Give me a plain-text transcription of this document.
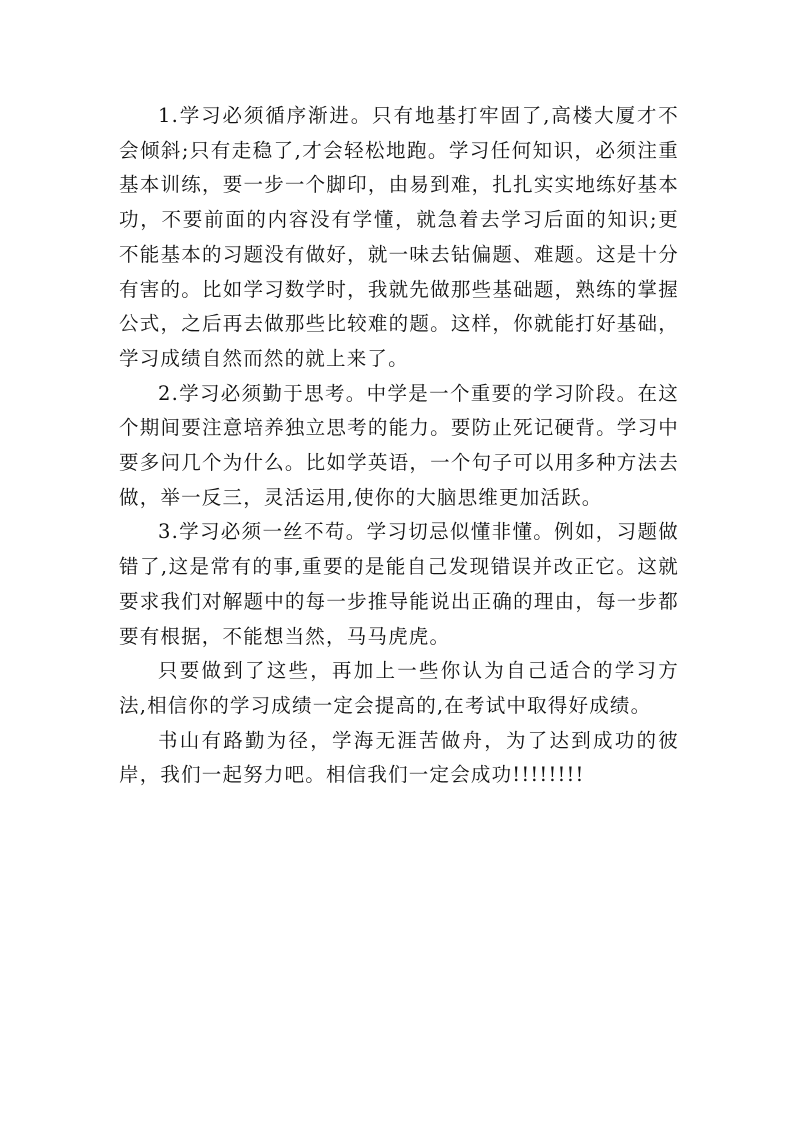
1.学习必须循序渐进。只有地基打牢固了,高楼大厦才不会倾斜;只有走稳了,才会轻松地跑。学习任何知识，必须注重基本训练，要一步一个脚印，由易到难，扎扎实实地练好基本功，不要前面的内容没有学懂，就急着去学习后面的知识;更不能基本的习题没有做好，就一味去钻偏题、难题。这是十分有害的。比如学习数学时，我就先做那些基础题，熟练的掌握公式，之后再去做那些比较难的题。这样，你就能打好基础，学习成绩自然而然的就上来了。

2.学习必须勤于思考。中学是一个重要的学习阶段。在这个期间要注意培养独立思考的能力。要防止死记硬背。学习中要多问几个为什么。比如学英语，一个句子可以用多种方法去做，举一反三，灵活运用,使你的大脑思维更加活跃。

3.学习必须一丝不苟。学习切忌似懂非懂。例如，习题做错了,这是常有的事,重要的是能自己发现错误并改正它。这就要求我们对解题中的每一步推导能说出正确的理由，每一步都要有根据，不能想当然，马马虎虎。

只要做到了这些，再加上一些你认为自己适合的学习方法,相信你的学习成绩一定会提高的,在考试中取得好成绩。

书山有路勤为径，学海无涯苦做舟，为了达到成功的彼岸，我们一起努力吧。相信我们一定会成功!!!!!!!!
